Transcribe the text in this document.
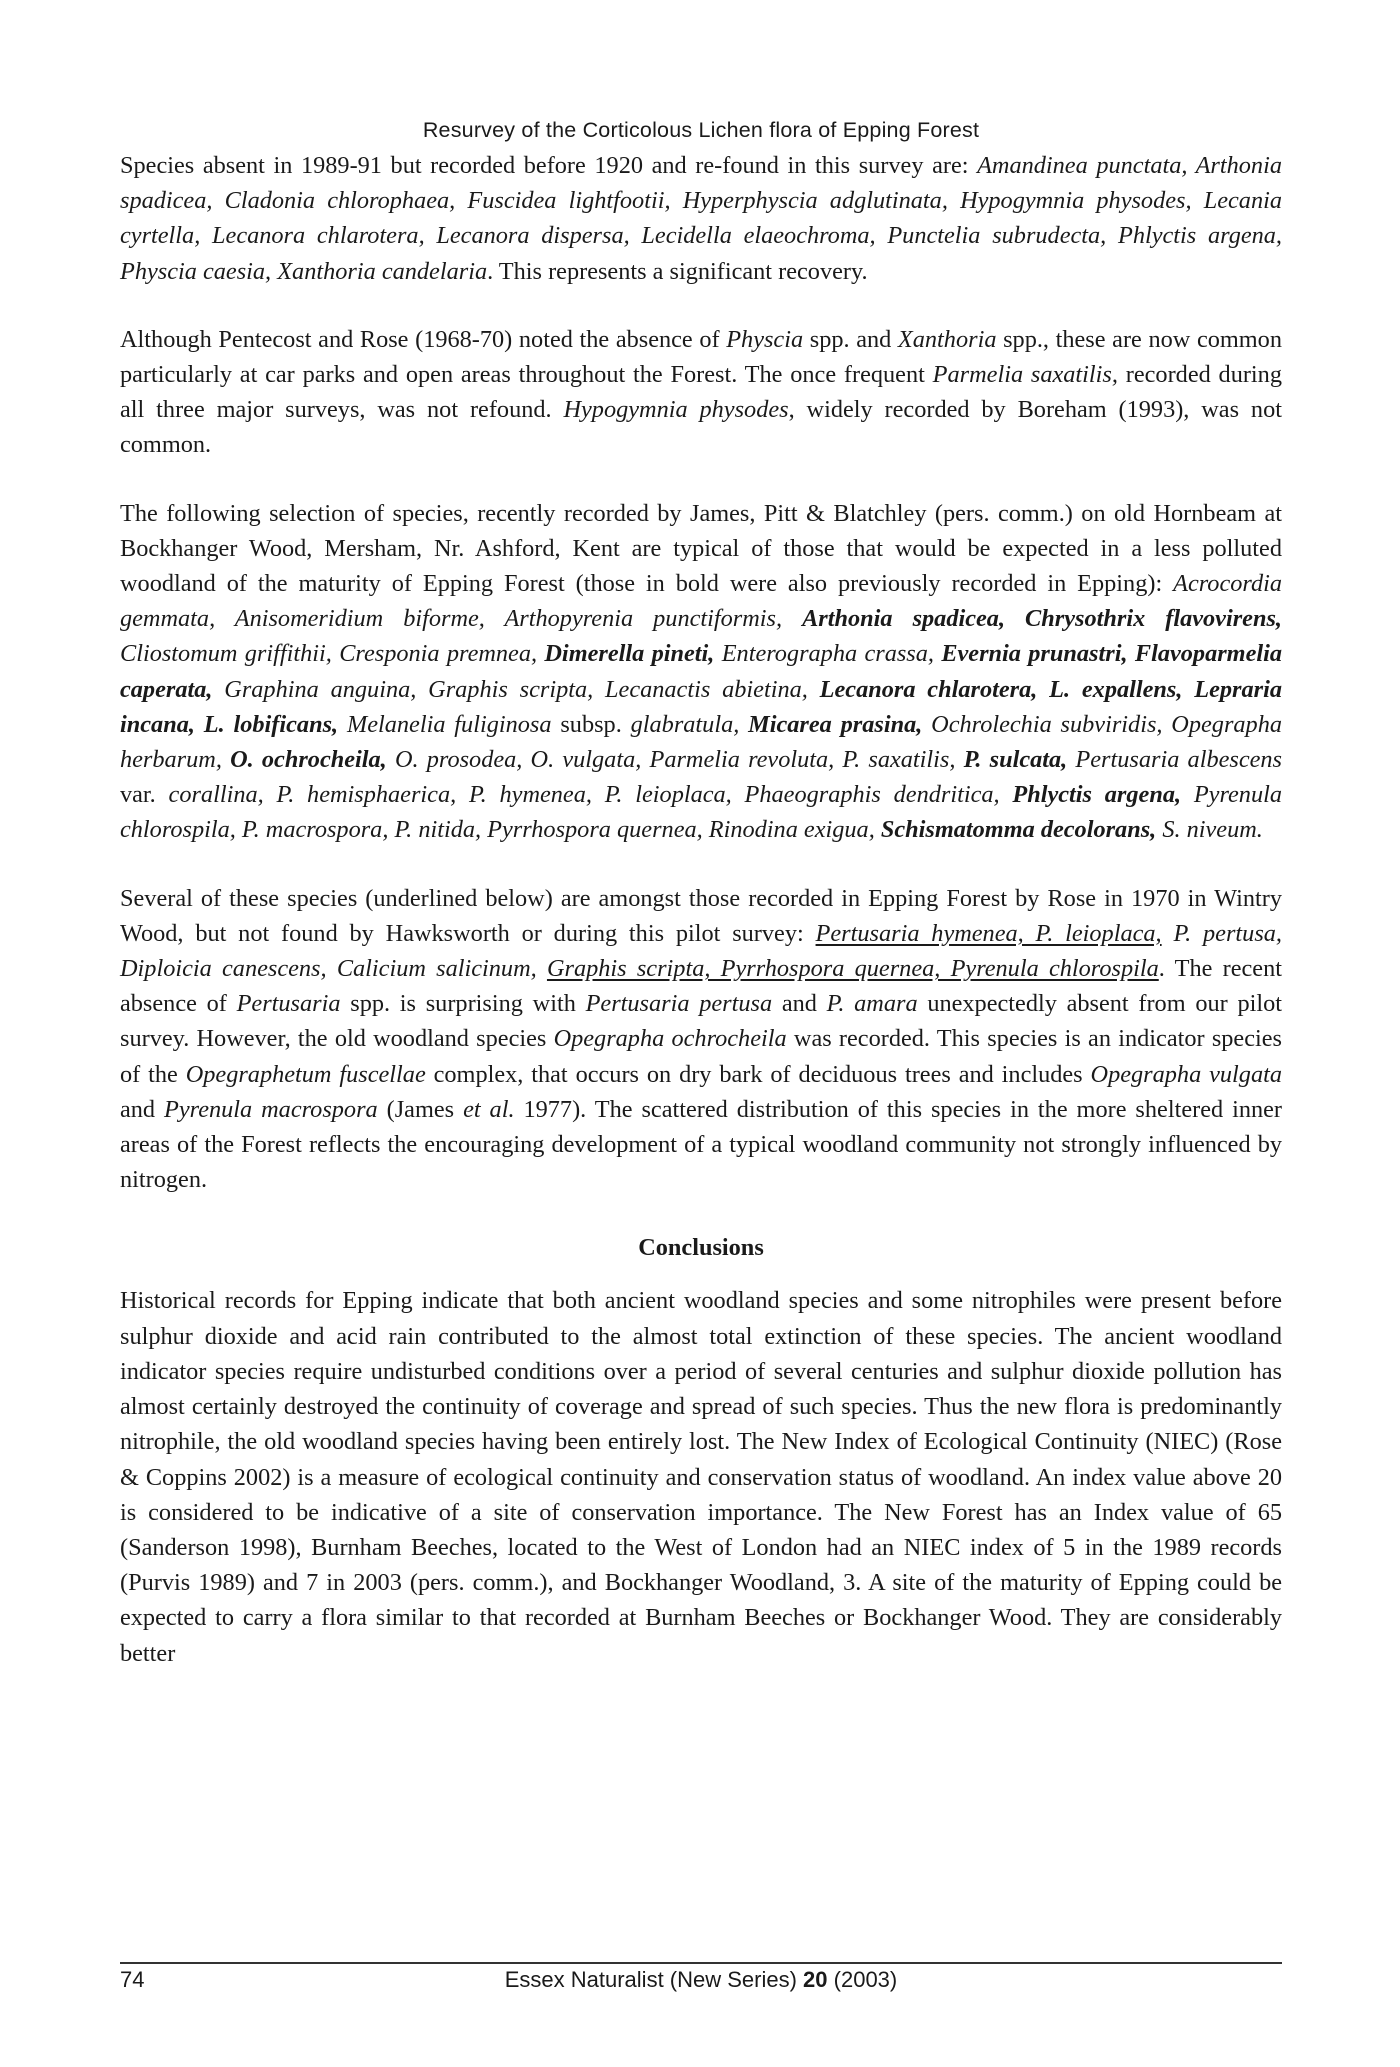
Resurvey of the Corticolous Lichen flora of Epping Forest

Species absent in 1989-91 but recorded before 1920 and re-found in this survey are: Amandinea punctata, Arthonia spadicea, Cladonia chlorophaea, Fuscidea lightfootii, Hyperphyscia adglutinata, Hypogymnia physodes, Lecania cyrtella, Lecanora chlarotera, Lecanora dispersa, Lecidella elaeochroma, Punctelia subrudecta, Phlyctis argena, Physcia caesia, Xanthoria candelaria. This represents a significant recovery.

Although Pentecost and Rose (1968-70) noted the absence of Physcia spp. and Xanthoria spp., these are now common particularly at car parks and open areas throughout the Forest. The once frequent Parmelia saxatilis, recorded during all three major surveys, was not refound. Hypogymnia physodes, widely recorded by Boreham (1993), was not common.

The following selection of species, recently recorded by James, Pitt & Blatchley (pers. comm.) on old Hornbeam at Bockhanger Wood, Mersham, Nr. Ashford, Kent are typical of those that would be expected in a less polluted woodland of the maturity of Epping Forest (those in bold were also previously recorded in Epping): Acrocordia gemmata, Anisomeridium biforme, Arthopyrenia punctiformis, Arthonia spadicea, Chrysothrix flavovirens, Cliostomum griffithii, Cresponia premnea, Dimerella pineti, Enterographa crassa, Evernia prunastri, Flavoparmelia caperata, Graphina anguina, Graphis scripta, Lecanactis abietina, Lecanora chlarotera, L. expallens, Lepraria incana, L. lobificans, Melanelia fuliginosa subsp. glabratula, Micarea prasina, Ochrolechia subviridis, Opegrapha herbarum, O. ochrocheila, O. prosodea, O. vulgata, Parmelia revoluta, P. saxatilis, P. sulcata, Pertusaria albescens var. corallina, P. hemisphaerica, P. hymenea, P. leioplaca, Phaeographis dendritica, Phlyctis argena, Pyrenula chlorospila, P. macrospora, P. nitida, Pyrrhospora quernea, Rinodina exigua, Schismatomma decolorans, S. niveum.

Several of these species (underlined below) are amongst those recorded in Epping Forest by Rose in 1970 in Wintry Wood, but not found by Hawksworth or during this pilot survey: Pertusaria hymenea, P. leioplaca, P. pertusa, Diploicia canescens, Calicium salicinum, Graphis scripta, Pyrrhospora quernea, Pyrenula chlorospila. The recent absence of Pertusaria spp. is surprising with Pertusaria pertusa and P. amara unexpectedly absent from our pilot survey. However, the old woodland species Opegrapha ochrocheila was recorded. This species is an indicator species of the Opegraphetum fuscellae complex, that occurs on dry bark of deciduous trees and includes Opegrapha vulgata and Pyrenula macrospora (James et al. 1977). The scattered distribution of this species in the more sheltered inner areas of the Forest reflects the encouraging development of a typical woodland community not strongly influenced by nitrogen.

Conclusions

Historical records for Epping indicate that both ancient woodland species and some nitrophiles were present before sulphur dioxide and acid rain contributed to the almost total extinction of these species. The ancient woodland indicator species require undisturbed conditions over a period of several centuries and sulphur dioxide pollution has almost certainly destroyed the continuity of coverage and spread of such species. Thus the new flora is predominantly nitrophile, the old woodland species having been entirely lost. The New Index of Ecological Continuity (NIEC) (Rose & Coppins 2002) is a measure of ecological continuity and conservation status of woodland. An index value above 20 is considered to be indicative of a site of conservation importance. The New Forest has an Index value of 65 (Sanderson 1998), Burnham Beeches, located to the West of London had an NIEC index of 5 in the 1989 records (Purvis 1989) and 7 in 2003 (pers. comm.), and Bockhanger Woodland, 3. A site of the maturity of Epping could be expected to carry a flora similar to that recorded at Burnham Beeches or Bockhanger Wood. They are considerably better

74	Essex Naturalist (New Series) 20 (2003)
